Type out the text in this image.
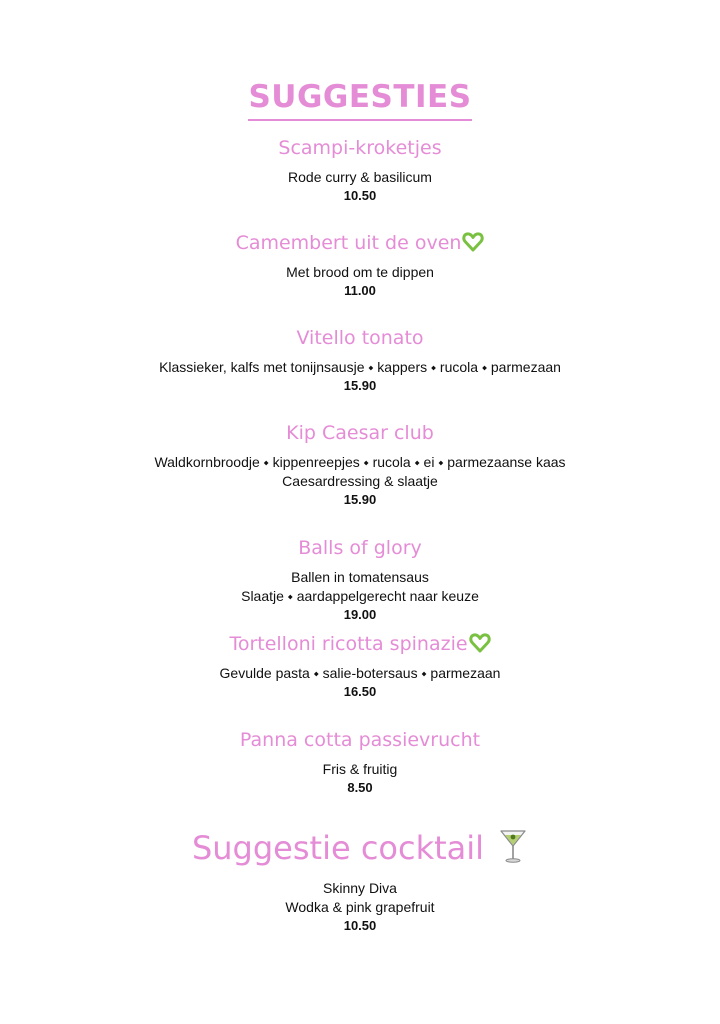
SUGGESTIES
Scampi-kroketjes
Rode curry & basilicum
10.50
Camembert uit de oven
Met brood om te dippen
11.00
Vitello tonato
Klassieker, kalfs met tonijnsausje ⬩ kappers ⬩ rucola ⬩ parmezaan
15.90
Kip Caesar club
Waldkornbroodje ⬩ kippenreepjes ⬩ rucola ⬩ ei ⬩ parmezaanse kaas
Caesardressing & slaatje
15.90
Balls of glory
Ballen in tomatensaus
Slaatje ⬩ aardappelgerecht naar keuze
19.00
Tortelloni ricotta spinazie
Gevulde pasta ⬩ salie-botersaus ⬩ parmezaan
16.50
Panna cotta passievrucht
Fris & fruitig
8.50
Suggestie cocktail
Skinny Diva
Wodka & pink grapefruit
10.50
